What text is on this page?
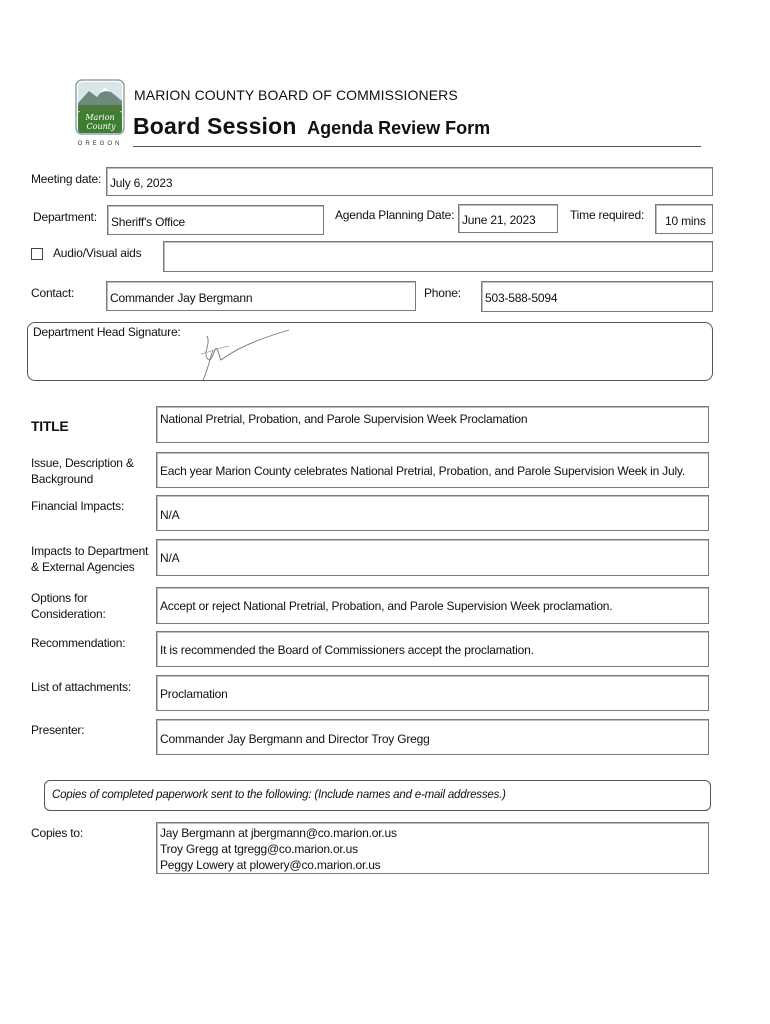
Marion
County
OREGON
MARION COUNTY BOARD OF COMMISSIONERS
Board Session Agenda Review Form
Meeting date: July 6, 2023
Department: Sheriff's Office	Agenda Planning Date: June 21, 2023	Time required: 10 mins
Audio/Visual aids
Contact:	Commander Jay Bergmann	Phone: 503-588-5094
Department Head Signature:
TITLE	National Pretrial, Probation, and Parole Supervision Week Proclamation
Issue, Description & Background
Each year Marion County celebrates National Pretrial, Probation, and Parole Supervision Week in July.
Financial Impacts:
N/A
Impacts to Department & External Agencies
N/A
Options for Consideration:
Accept or reject National Pretrial, Probation, and Parole Supervision Week proclamation.
Recommendation:	It is recommended the Board of Commissioners accept the proclamation.
List of attachments:	Proclamation
Presenter:
Commander Jay Bergmann and Director Troy Gregg
Copies of completed paperwork sent to the following: (Include names and e-mail addresses.)
Copies to:	Jay Bergmann at jbergmann@co.marion.or.us
Troy Gregg at tgregg@co.marion.or.us
Peggy Lowery at plowery@co.marion.or.us
